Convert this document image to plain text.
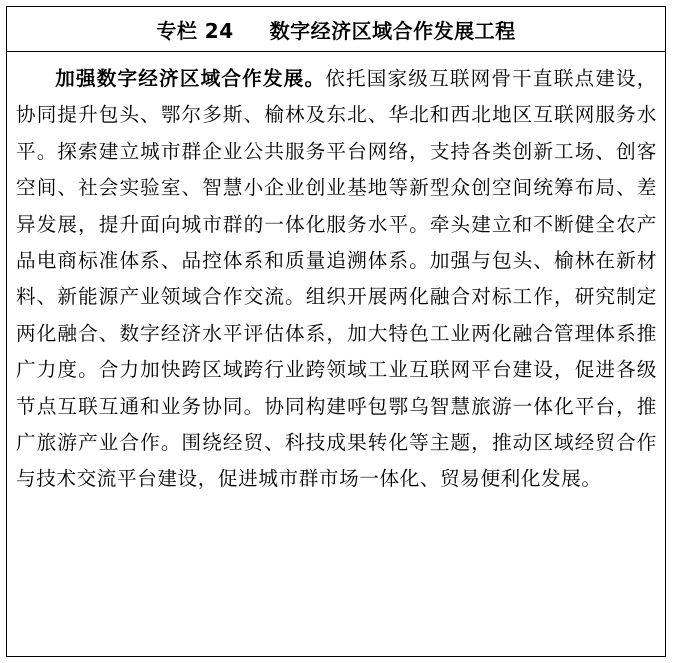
专栏 24 数字经济区域合作发展工程
加强数字经济区域合作发展。依托国家级互联网骨干直联点建设，协同提升包头、鄂尔多斯、榆林及东北、华北和西北地区互联网服务水平。探索建立城市群企业公共服务平台网络，支持各类创新工场、创客空间、社会实验室、智慧小企业创业基地等新型众创空间统筹布局、差异发展，提升面向城市群的一体化服务水平。牵头建立和不断健全农产品电商标准体系、品控体系和质量追溯体系。加强与包头、榆林在新材料、新能源产业领域合作交流。组织开展两化融合对标工作，研究制定两化融合、数字经济水平评估体系，加大特色工业两化融合管理体系推广力度。合力加快跨区域跨行业跨领域工业互联网平台建设，促进各级节点互联互通和业务协同。协同构建呼包鄂乌智慧旅游一体化平台，推广旅游产业合作。围绕经贸、科技成果转化等主题，推动区域经贸合作与技术交流平台建设，促进城市群市场一体化、贸易便利化发展。
